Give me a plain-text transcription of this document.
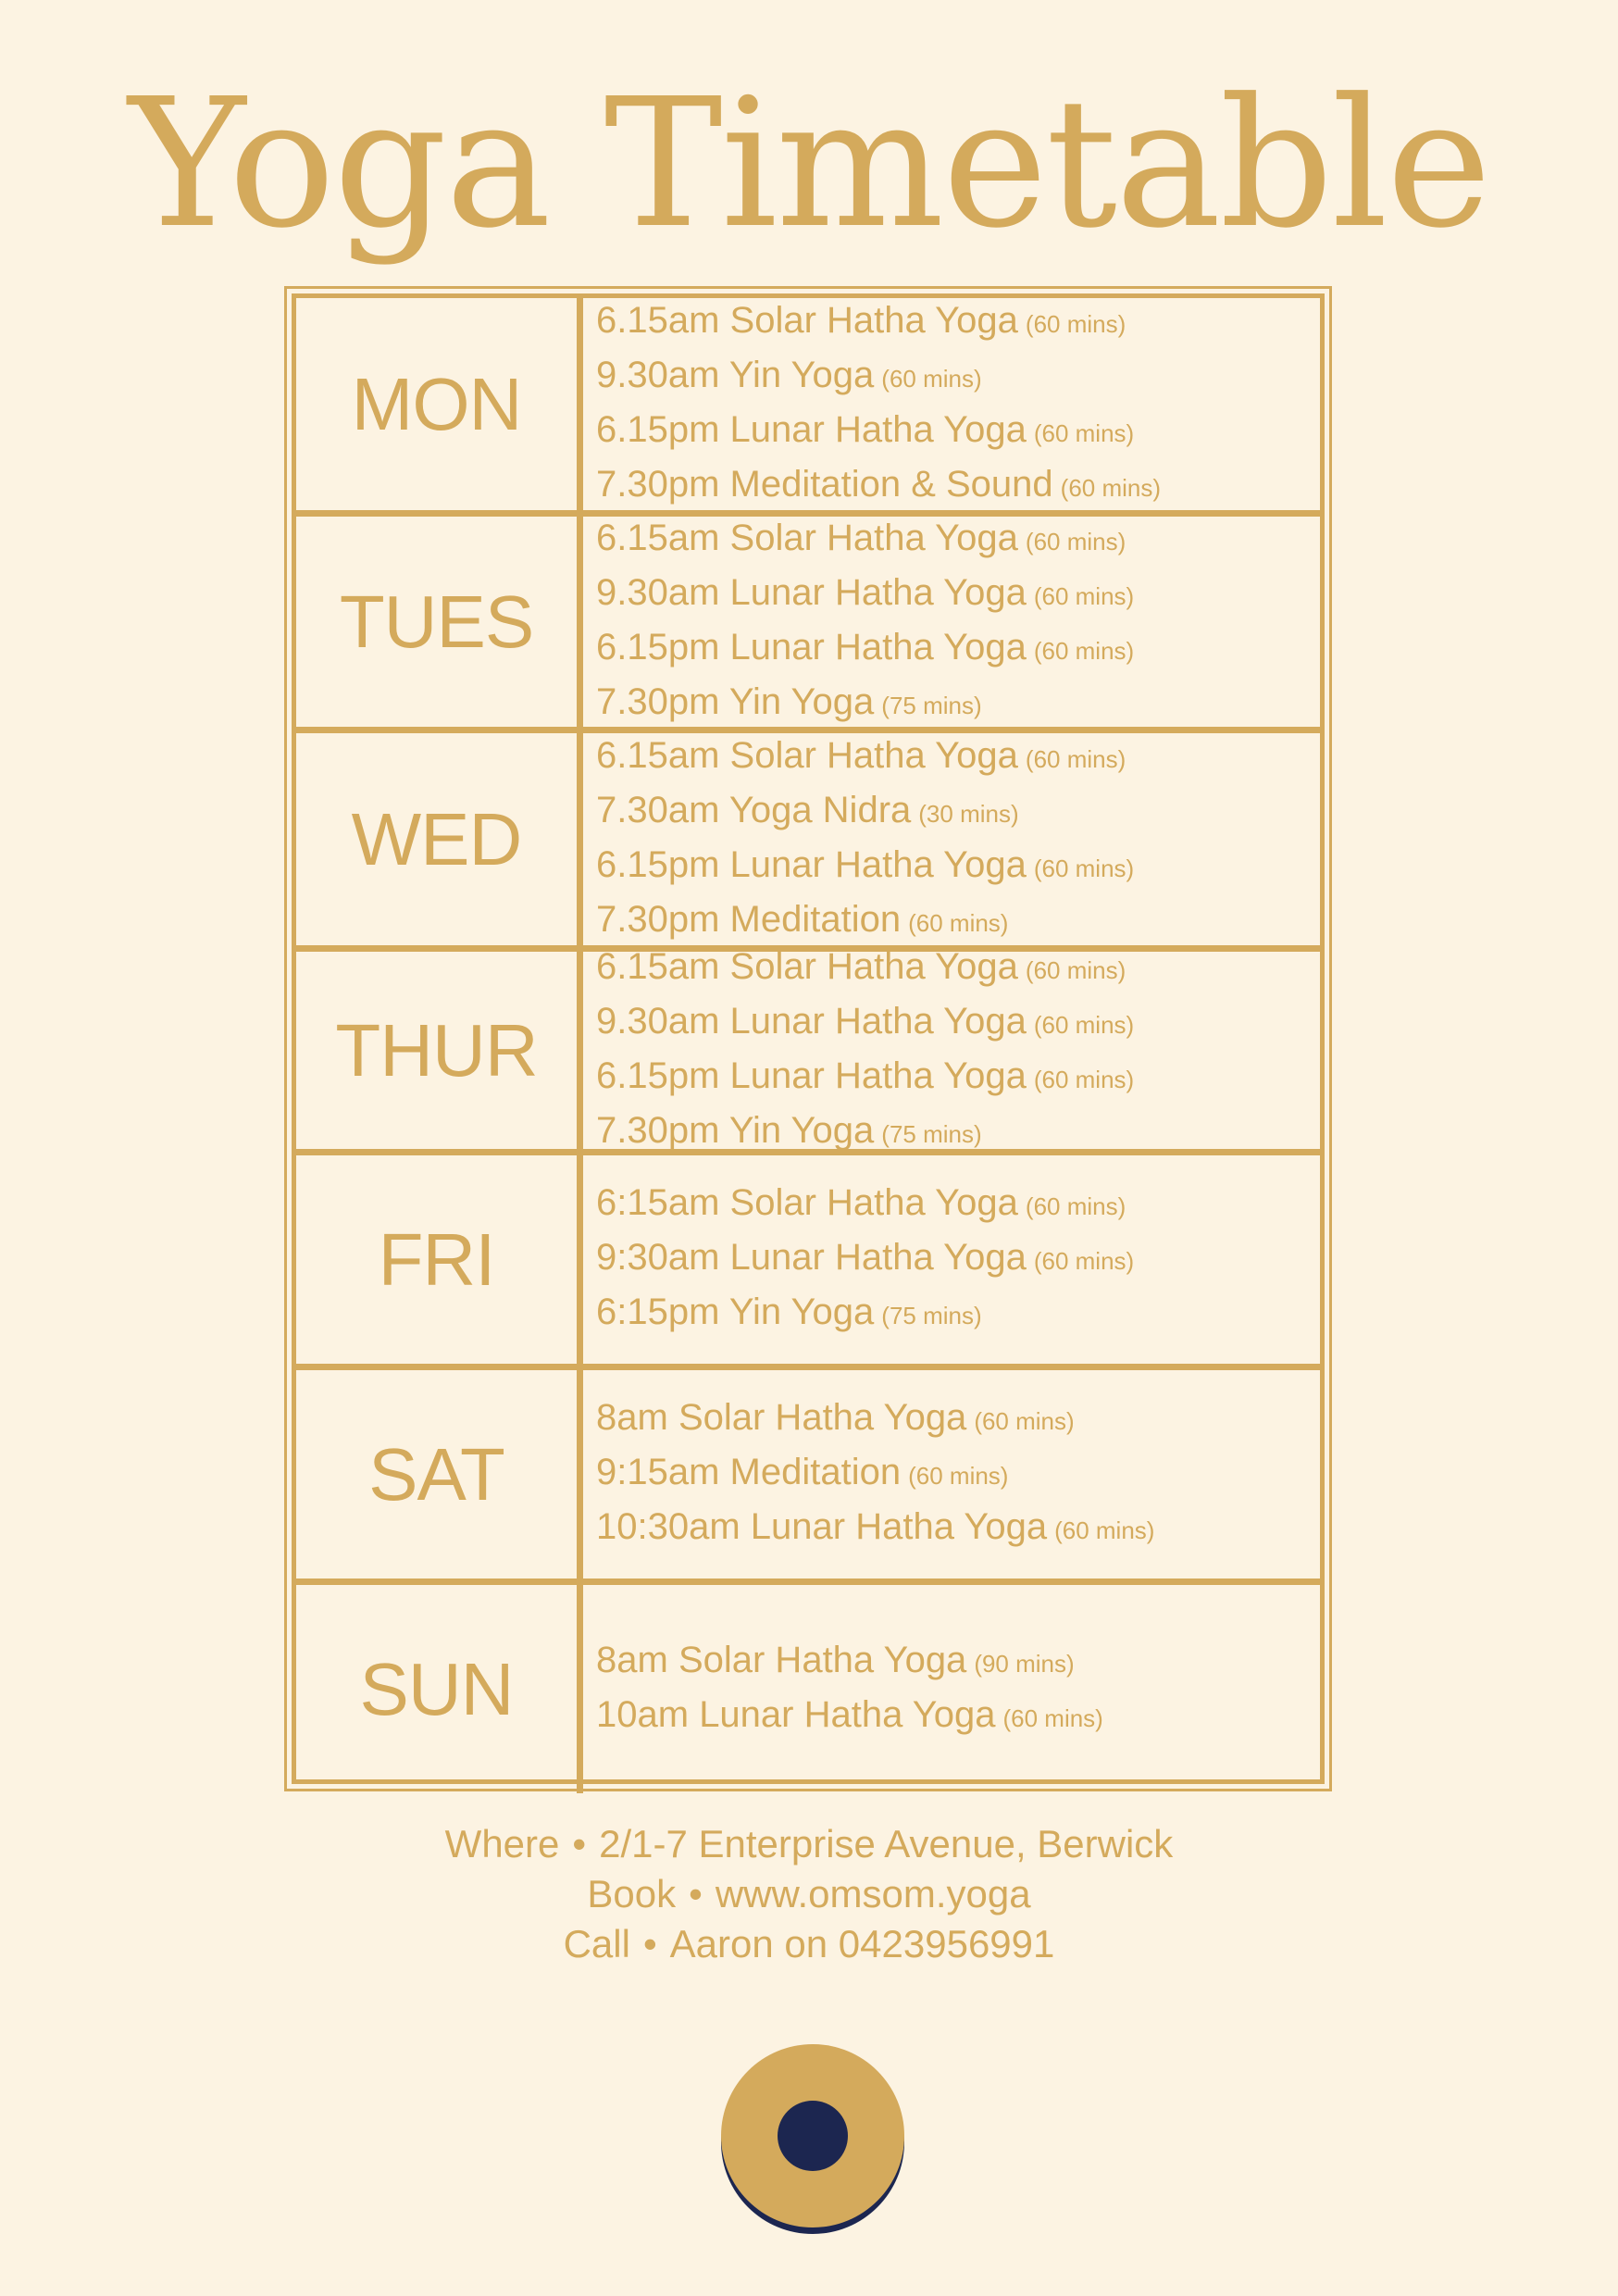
Yoga Timetable
MON
6.15am Solar Hatha Yoga (60 mins)
9.30am Yin Yoga (60 mins)
6.15pm Lunar Hatha Yoga (60 mins)
7.30pm Meditation & Sound (60 mins)
TUES
6.15am Solar Hatha Yoga (60 mins)
9.30am Lunar Hatha Yoga (60 mins)
6.15pm Lunar Hatha Yoga (60 mins)
7.30pm Yin Yoga (75 mins)
WED
6.15am Solar Hatha Yoga (60 mins)
7.30am Yoga Nidra (30 mins)
6.15pm Lunar Hatha Yoga (60 mins)
7.30pm Meditation (60 mins)
THUR
6.15am Solar Hatha Yoga (60 mins)
9.30am Lunar Hatha Yoga (60 mins)
6.15pm Lunar Hatha Yoga (60 mins)
7.30pm Yin Yoga (75 mins)
FRI
6:15am Solar Hatha Yoga (60 mins)
9:30am Lunar Hatha Yoga (60 mins)
6:15pm Yin Yoga (75 mins)
SAT
8am Solar Hatha Yoga (60 mins)
9:15am Meditation (60 mins)
10:30am Lunar Hatha Yoga (60 mins)
SUN	8am Solar Hatha Yoga (90 mins)
10am Lunar Hatha Yoga (60 mins)
Where • 2/1-7 Enterprise Avenue, Berwick
Book • www.omsom.yoga
Call • Aaron on 0423956991
